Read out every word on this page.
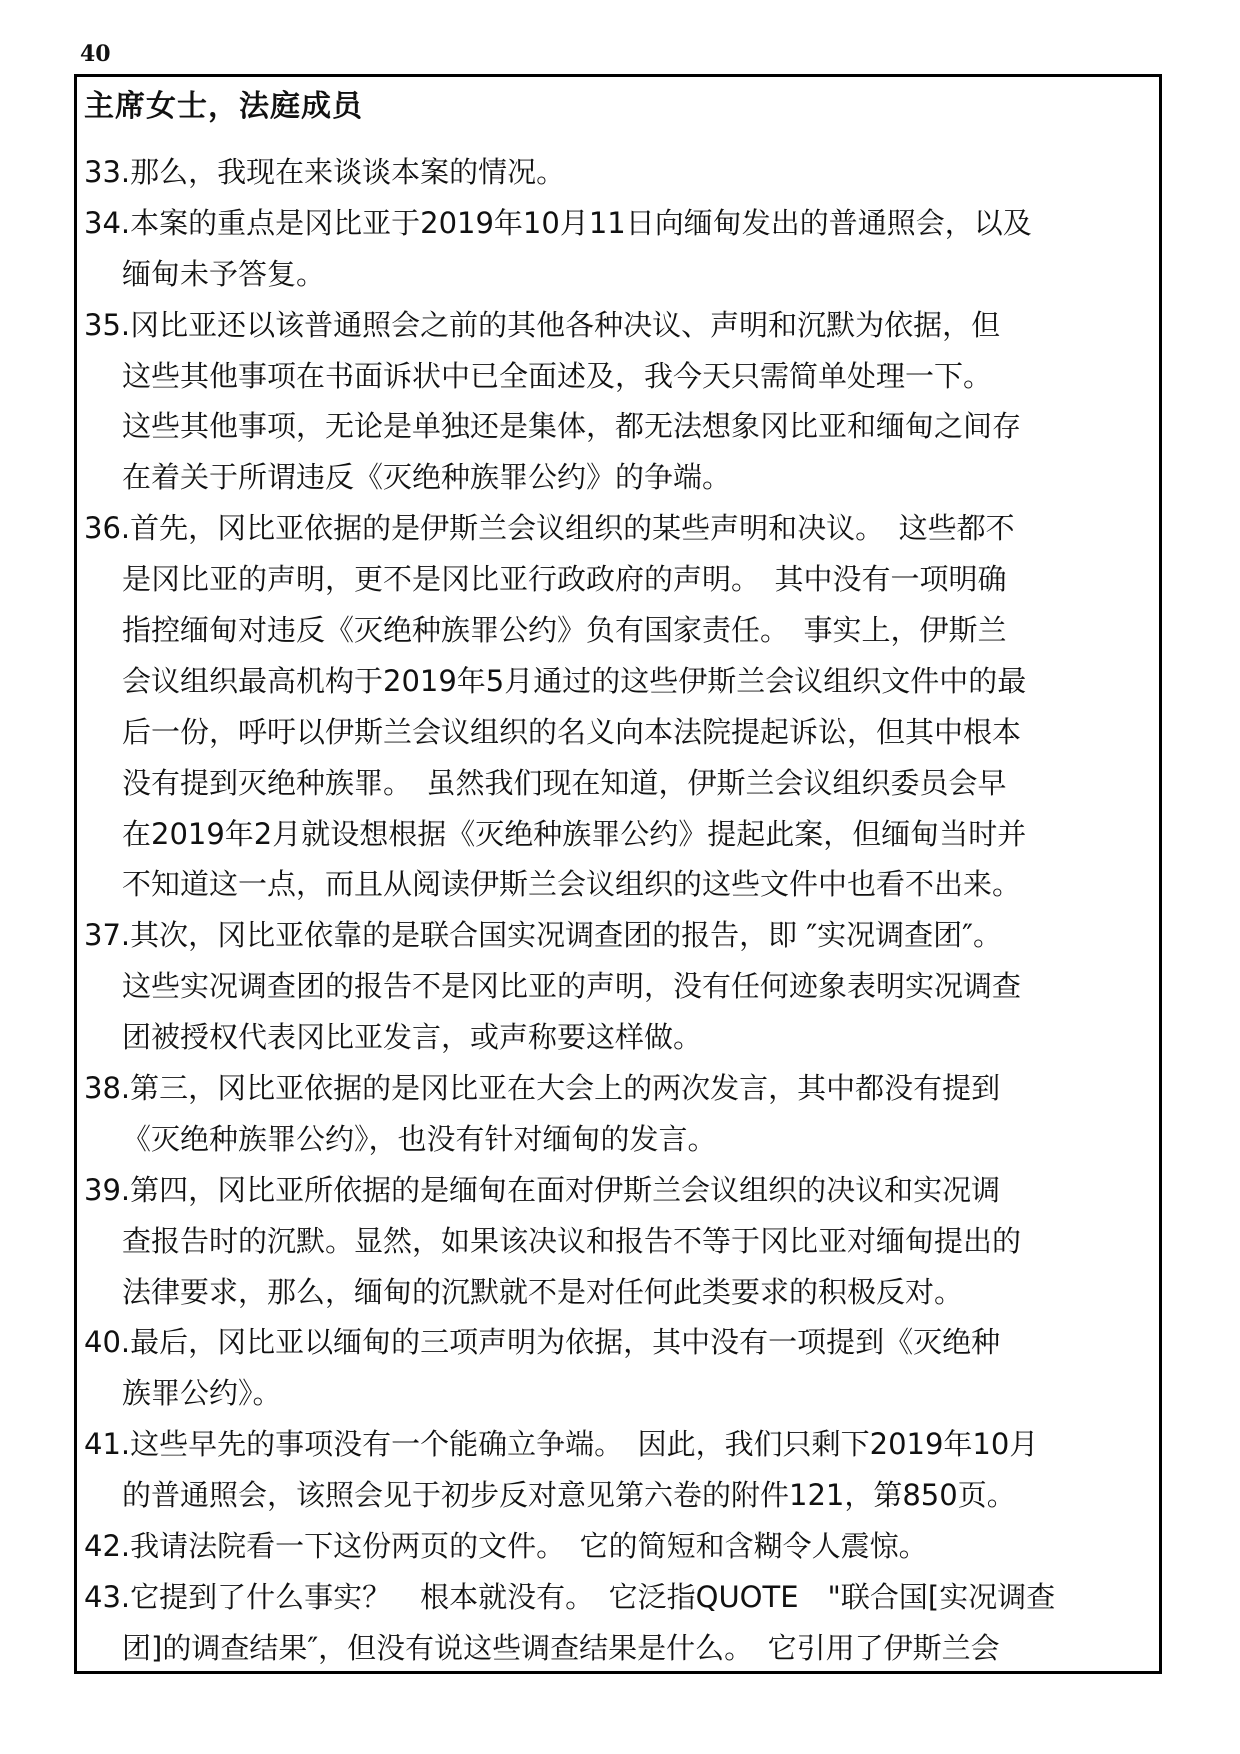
40
主席女士，法庭成员
33.那么，我现在来谈谈本案的情况。
34.本案的重点是冈比亚于2019年10月11日向缅甸发出的普通照会，以及
缅甸未予答复。
35.冈比亚还以该普通照会之前的其他各种决议、声明和沉默为依据，但
这些其他事项在书面诉状中已全面述及，我今天只需简单处理一下。
这些其他事项，无论是单独还是集体，都无法想象冈比亚和缅甸之间存
在着关于所谓违反《灭绝种族罪公约》的争端。
36.首先，冈比亚依据的是伊斯兰会议组织的某些声明和决议。　这些都不
是冈比亚的声明，更不是冈比亚行政政府的声明。　其中没有一项明确
指控缅甸对违反《灭绝种族罪公约》负有国家责任。　事实上，伊斯兰
会议组织最高机构于2019年5月通过的这些伊斯兰会议组织文件中的最
后一份，呼吁以伊斯兰会议组织的名义向本法院提起诉讼，但其中根本
没有提到灭绝种族罪。　虽然我们现在知道，伊斯兰会议组织委员会早
在2019年2月就设想根据《灭绝种族罪公约》提起此案，但缅甸当时并
不知道这一点，而且从阅读伊斯兰会议组织的这些文件中也看不出来。
37.其次，冈比亚依靠的是联合国实况调查团的报告，即 ″实况调查团″。
这些实况调查团的报告不是冈比亚的声明，没有任何迹象表明实况调查
团被授权代表冈比亚发言，或声称要这样做。
38.第三，冈比亚依据的是冈比亚在大会上的两次发言，其中都没有提到
《灭绝种族罪公约》，也没有针对缅甸的发言。
39.第四，冈比亚所依据的是缅甸在面对伊斯兰会议组织的决议和实况调
查报告时的沉默。显然，如果该决议和报告不等于冈比亚对缅甸提出的
法律要求，那么，缅甸的沉默就不是对任何此类要求的积极反对。
40.最后，冈比亚以缅甸的三项声明为依据，其中没有一项提到《灭绝种
族罪公约》。
41.这些早先的事项没有一个能确立争端。　因此，我们只剩下2019年10月
的普通照会，该照会见于初步反对意见第六卷的附件121，第850页。
42.我请法院看一下这份两页的文件。　它的简短和含糊令人震惊。
43.它提到了什么事实？　根本就没有。　它泛指QUOTE　"联合国[实况调查
团]的调查结果″，但没有说这些调查结果是什么。　它引用了伊斯兰会
